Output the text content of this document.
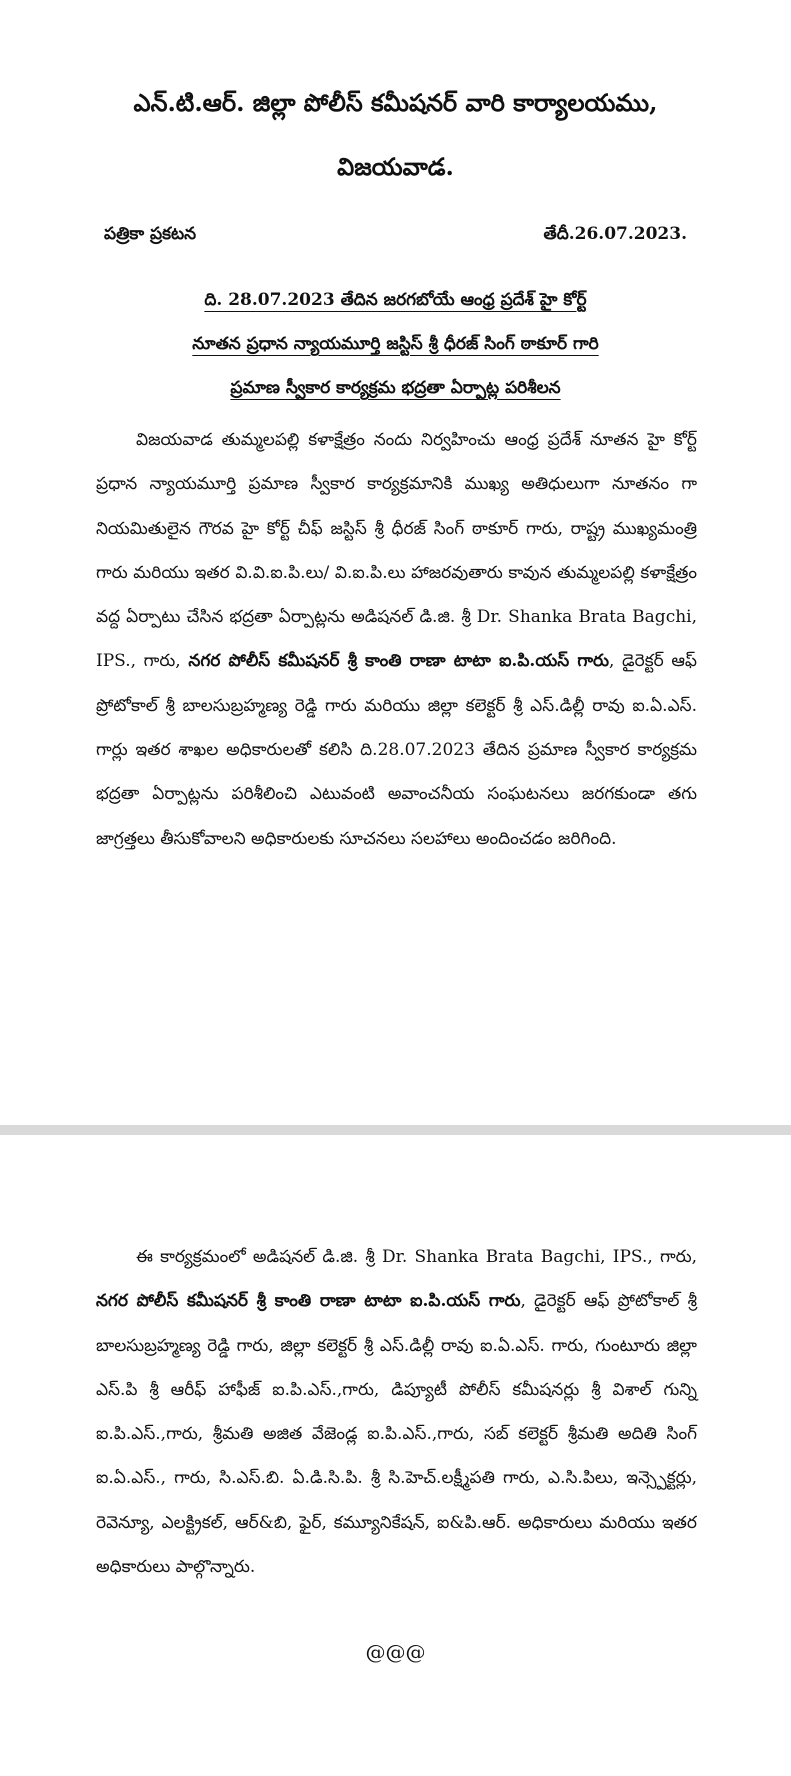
ఎన్.టి.ఆర్. జిల్లా పోలీస్ కమీషనర్ వారి కార్యాలయము,
విజయవాడ.

పత్రికా ప్రకటన	తేదీ.26.07.2023.

ది. 28.07.2023 తేదిన జరగబోయే ఆంధ్ర ప్రదేశ్ హై కోర్ట్
నూతన ప్రధాన న్యాయమూర్తి జస్టిస్ శ్రీ ధీరజ్ సింగ్ ఠాకూర్ గారి
ప్రమాణ స్వీకార కార్యక్రమ భద్రతా ఏర్పాట్ల పరిశీలన

విజయవాడ తుమ్మలపల్లి కళాక్షేత్రం నందు నిర్వహించు ఆంధ్ర ప్రదేశ్ నూతన హై కోర్ట్ ప్రధాన న్యాయమూర్తి ప్రమాణ స్వీకార కార్యక్రమానికి ముఖ్య అతిధులుగా నూతనం గా నియమితులైన గౌరవ హై కోర్ట్ చీఫ్ జస్టిస్ శ్రీ ధీరజ్ సింగ్ ఠాకూర్ గారు, రాష్ట్ర ముఖ్యమంత్రి గారు మరియు ఇతర వి.వి.ఐ.పి.లు/ వి.ఐ.పి.లు హాజరవుతారు కావున తుమ్మలపల్లి కళాక్షేత్రం వద్ద ఏర్పాటు చేసిన భద్రతా ఏర్పాట్లను అడిషనల్ డి.జి. శ్రీ Dr. Shanka Brata Bagchi, IPS., గారు, నగర పోలీస్ కమీషనర్ శ్రీ కాంతి రాణా టాటా ఐ.పి.యస్ గారు, డైరెక్టర్ ఆఫ్ ప్రోటోకాల్ శ్రీ బాలసుబ్రహ్మణ్య రెడ్డి గారు మరియు జిల్లా కలెక్టర్ శ్రీ ఎస్.డిల్లీ రావు ఐ.ఏ.ఎస్. గార్లు ఇతర శాఖల అధికారులతో కలిసి ది.28.07.2023 తేదిన ప్రమాణ స్వీకార కార్యక్రమ భద్రతా ఏర్పాట్లను పరిశీలించి ఎటువంటి అవాంచనీయ సంఘటనలు జరగకుండా తగు జాగ్రత్తలు తీసుకోవాలని అధికారులకు సూచనలు సలహాలు అందించడం జరిగింది.

ఈ కార్యక్రమంలో అడిషనల్ డి.జి. శ్రీ Dr. Shanka Brata Bagchi, IPS., గారు, నగర పోలీస్ కమీషనర్ శ్రీ కాంతి రాణా టాటా ఐ.పి.యస్ గారు, డైరెక్టర్ ఆఫ్ ప్రోటోకాల్ శ్రీ బాలసుబ్రహ్మణ్య రెడ్డి గారు, జిల్లా కలెక్టర్ శ్రీ ఎస్.డిల్లీ రావు ఐ.ఏ.ఎస్. గారు, గుంటూరు జిల్లా ఎస్.పి శ్రీ ఆరీఫ్ హాఫీజ్ ఐ.పి.ఎస్.,గారు, డిప్యూటీ పోలీస్ కమీషనర్లు శ్రీ విశాల్ గున్ని ఐ.పి.ఎస్.,గారు, శ్రీమతి అజిత వేజెండ్ల ఐ.పి.ఎస్.,గారు, సబ్ కలెక్టర్ శ్రీమతి అదితి సింగ్ ఐ.ఏ.ఎస్., గారు, సి.ఎస్.బి. ఏ.డి.సి.పి. శ్రీ సి.హెచ్.లక్ష్మీపతి గారు, ఎ.సి.పిలు, ఇన్స్పెక్టర్లు, రెవెన్యూ, ఎలక్ట్రికల్, ఆర్&బి, ఫైర్, కమ్యూనికేషన్, ఐ&పి.ఆర్. అధికారులు మరియు ఇతర అధికారులు పాల్గొన్నారు.

@@@
